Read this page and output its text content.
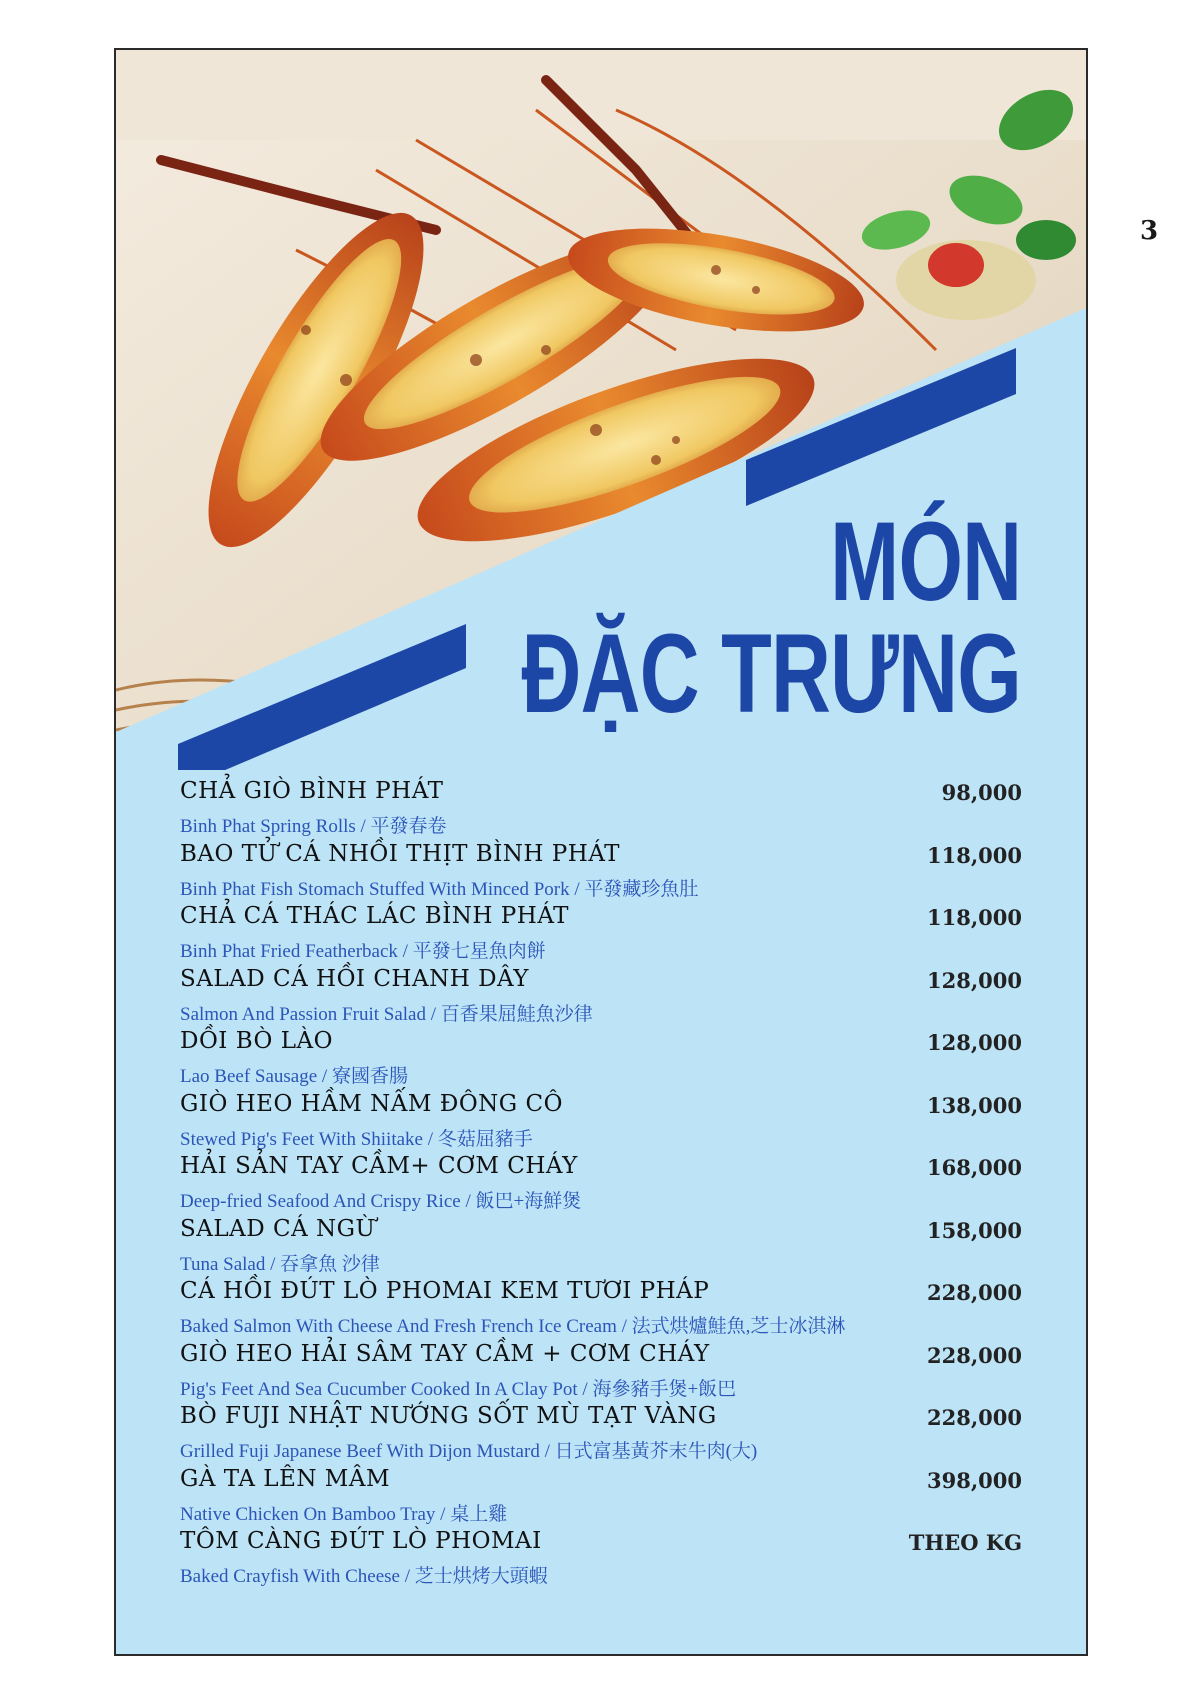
3
MÓN
ĐẶC TRƯNG
CHẢ GIÒ BÌNH PHÁT
Binh Phat Spring Rolls / 平發春卷
98,000
BAO TỬ CÁ NHỒI THỊT BÌNH PHÁT
Binh Phat Fish Stomach Stuffed With Minced Pork / 平發藏珍魚肚
118,000
CHẢ CÁ THÁC LÁC BÌNH PHÁT
Binh Phat Fried Featherback / 平發七星魚肉餅
118,000
SALAD CÁ HỒI CHANH DÂY
Salmon And Passion Fruit Salad / 百香果屈鮭魚沙律
128,000
DỒI BÒ LÀO
Lao Beef Sausage / 寮國香腸
128,000
GIÒ HEO HẦM NẤM ĐÔNG CÔ
Stewed Pig's Feet With Shiitake / 冬菇屈豬手
138,000
HẢI SẢN TAY CẦM+ CƠM CHÁY
Deep-fried Seafood And Crispy Rice / 飯巴+海鮮煲
168,000
SALAD CÁ NGỪ
Tuna Salad / 吞拿魚 沙律
158,000
CÁ HỒI ĐÚT LÒ PHOMAI KEM TƯƠI PHÁP
Baked Salmon With Cheese And Fresh French Ice Cream / 法式烘爐鮭魚,芝士冰淇淋
228,000
GIÒ HEO HẢI SÂM TAY CẦM + CƠM CHÁY
Pig's Feet And Sea Cucumber Cooked In A Clay Pot / 海參豬手煲+飯巴
228,000
BÒ FUJI NHẬT NƯỚNG SỐT MÙ TẠT VÀNG
Grilled Fuji Japanese Beef With Dijon Mustard / 日式富基黃芥末牛肉(大)
228,000
GÀ TA LÊN MÂM
Native Chicken On Bamboo Tray / 桌上雞
398,000
TÔM CÀNG ĐÚT LÒ PHOMAI
Baked Crayfish With Cheese / 芝士烘烤大頭蝦
THEO KG
